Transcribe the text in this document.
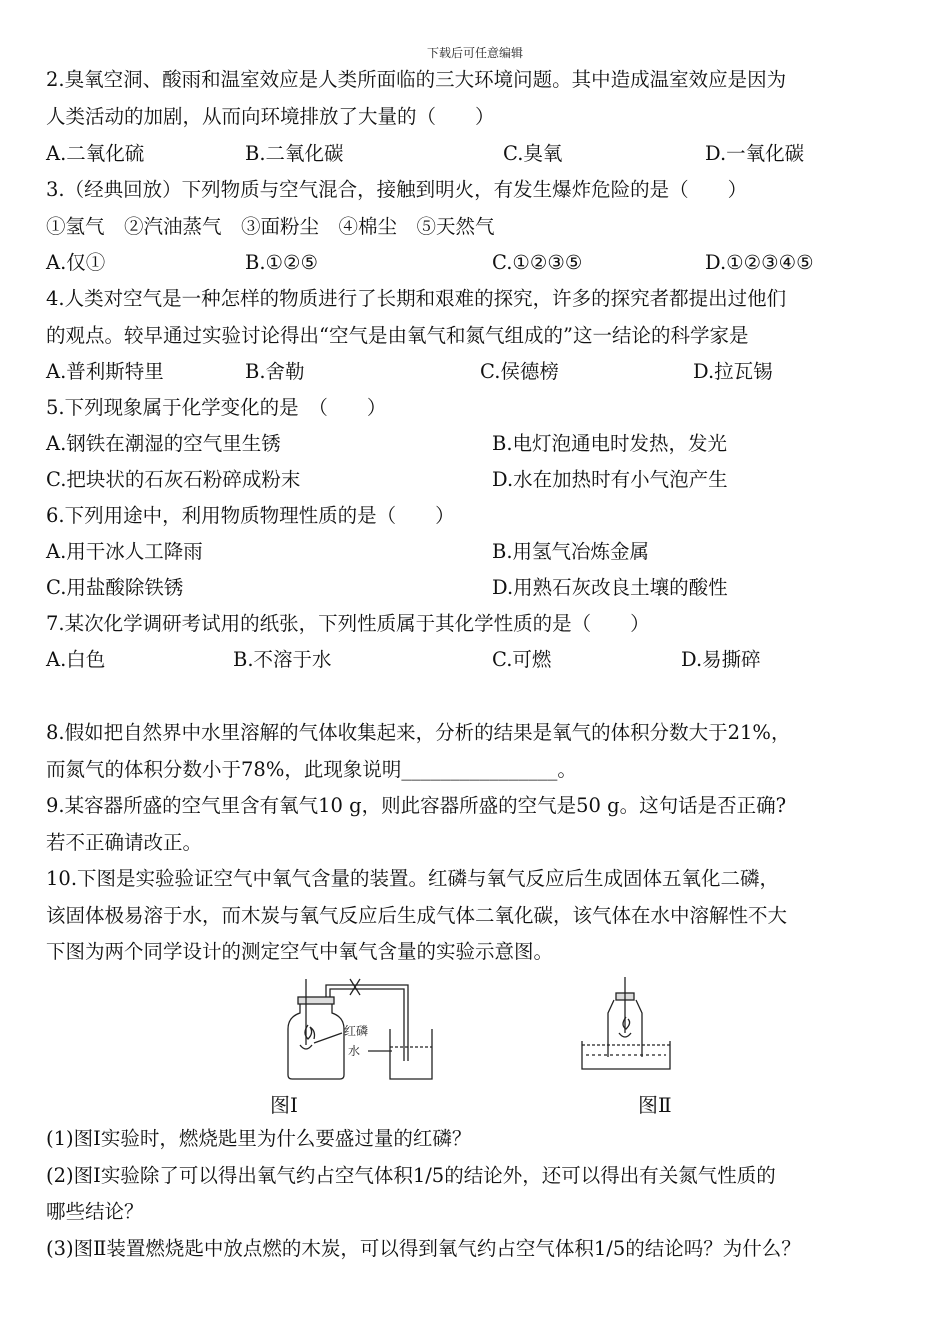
下载后可任意编辑
2.臭氧空洞、酸雨和温室效应是人类所面临的三大环境问题。其中造成温室效应是因为
人类活动的加剧，从而向环境排放了大量的（　　）
A.二氧化硫	B.二氧化碳	C.臭氧	D.一氧化碳
3.（经典回放）下列物质与空气混合，接触到明火，有发生爆炸危险的是（　　）
①氢气　②汽油蒸气　③面粉尘　④棉尘　⑤天然气
A.仅①	B.①②⑤	C.①②③⑤	D.①②③④⑤
4.人类对空气是一种怎样的物质进行了长期和艰难的探究，许多的探究者都提出过他们
的观点。较早通过实验讨论得出“空气是由氧气和氮气组成的”这一结论的科学家是
A.普利斯特里	B.舍勒	C.侯德榜	D.拉瓦锡
5.下列现象属于化学变化的是　（　　）
A.钢铁在潮湿的空气里生锈	B.电灯泡通电时发热，发光
C.把块状的石灰石粉碎成粉末	D.水在加热时有小气泡产生
6.下列用途中，利用物质物理性质的是（　　）
A.用干冰人工降雨	B.用氢气冶炼金属
C.用盐酸除铁锈	D.用熟石灰改良土壤的酸性
7.某次化学调研考试用的纸张，下列性质属于其化学性质的是（　　）
A.白色	B.不溶于水	C.可燃	D.易撕碎
8.假如把自然界中水里溶解的气体收集起来，分析的结果是氧气的体积分数大于21%，
而氮气的体积分数小于78%，此现象说明________________。
9.某容器所盛的空气里含有氧气10 g，则此容器所盛的空气是50 g。这句话是否正确?
若不正确请改正。
10.下图是实验验证空气中氧气含量的装置。红磷与氧气反应后生成固体五氧化二磷，
该固体极易溶于水，而木炭与氧气反应后生成气体二氧化碳，该气体在水中溶解性不大
下图为两个同学设计的测定空气中氧气含量的实验示意图。
红磷
水
图Ⅰ	图Ⅱ
(1)图Ⅰ实验时，燃烧匙里为什么要盛过量的红磷？
(2)图Ⅰ实验除了可以得出氧气约占空气体积1/5的结论外，还可以得出有关氮气性质的
哪些结论？
(3)图Ⅱ装置燃烧匙中放点燃的木炭，可以得到氧气约占空气体积1/5的结论吗？为什么？
